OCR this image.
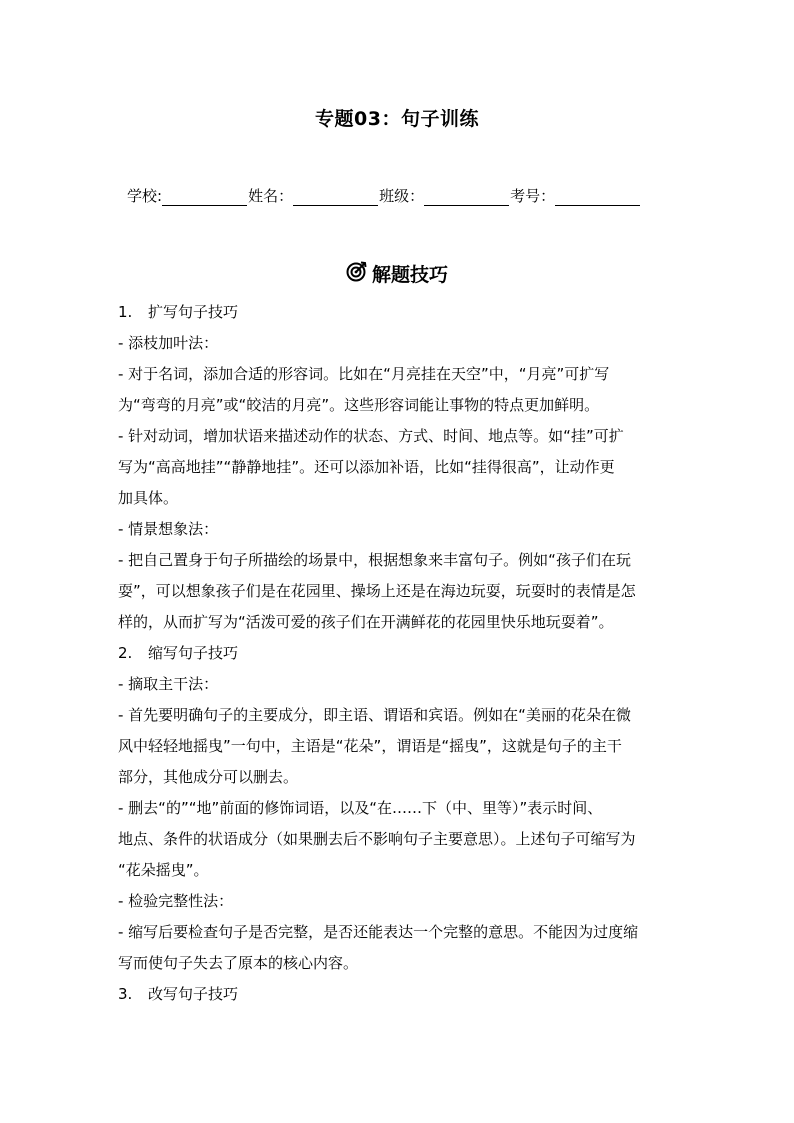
专题03：句子训练
学校:	姓名：	班级：	考号：
解题技巧

1. 扩写句子技巧

- 添枝加叶法：

- 对于名词，添加合适的形容词。比如在“月亮挂在天空”中，“月亮”可扩写

为“弯弯的月亮”或“皎洁的月亮”。这些形容词能让事物的特点更加鲜明。

- 针对动词，增加状语来描述动作的状态、方式、时间、地点等。如“挂”可扩

写为“高高地挂”“静静地挂”。还可以添加补语，比如“挂得很高”，让动作更

加具体。

- 情景想象法：

- 把自己置身于句子所描绘的场景中，根据想象来丰富句子。例如“孩子们在玩

耍”，可以想象孩子们是在花园里、操场上还是在海边玩耍，玩耍时的表情是怎

样的，从而扩写为“活泼可爱的孩子们在开满鲜花的花园里快乐地玩耍着”。

2. 缩写句子技巧

- 摘取主干法：

- 首先要明确句子的主要成分，即主语、谓语和宾语。例如在“美丽的花朵在微

风中轻轻地摇曳”一句中，主语是“花朵”，谓语是“摇曳”，这就是句子的主干

部分，其他成分可以删去。

- 删去“的”“地”前面的修饰词语，以及“在……下（中、里等）”表示时间、

地点、条件的状语成分（如果删去后不影响句子主要意思）。上述句子可缩写为

“花朵摇曳”。

- 检验完整性法：

- 缩写后要检查句子是否完整，是否还能表达一个完整的意思。不能因为过度缩

写而使句子失去了原本的核心内容。

3. 改写句子技巧
